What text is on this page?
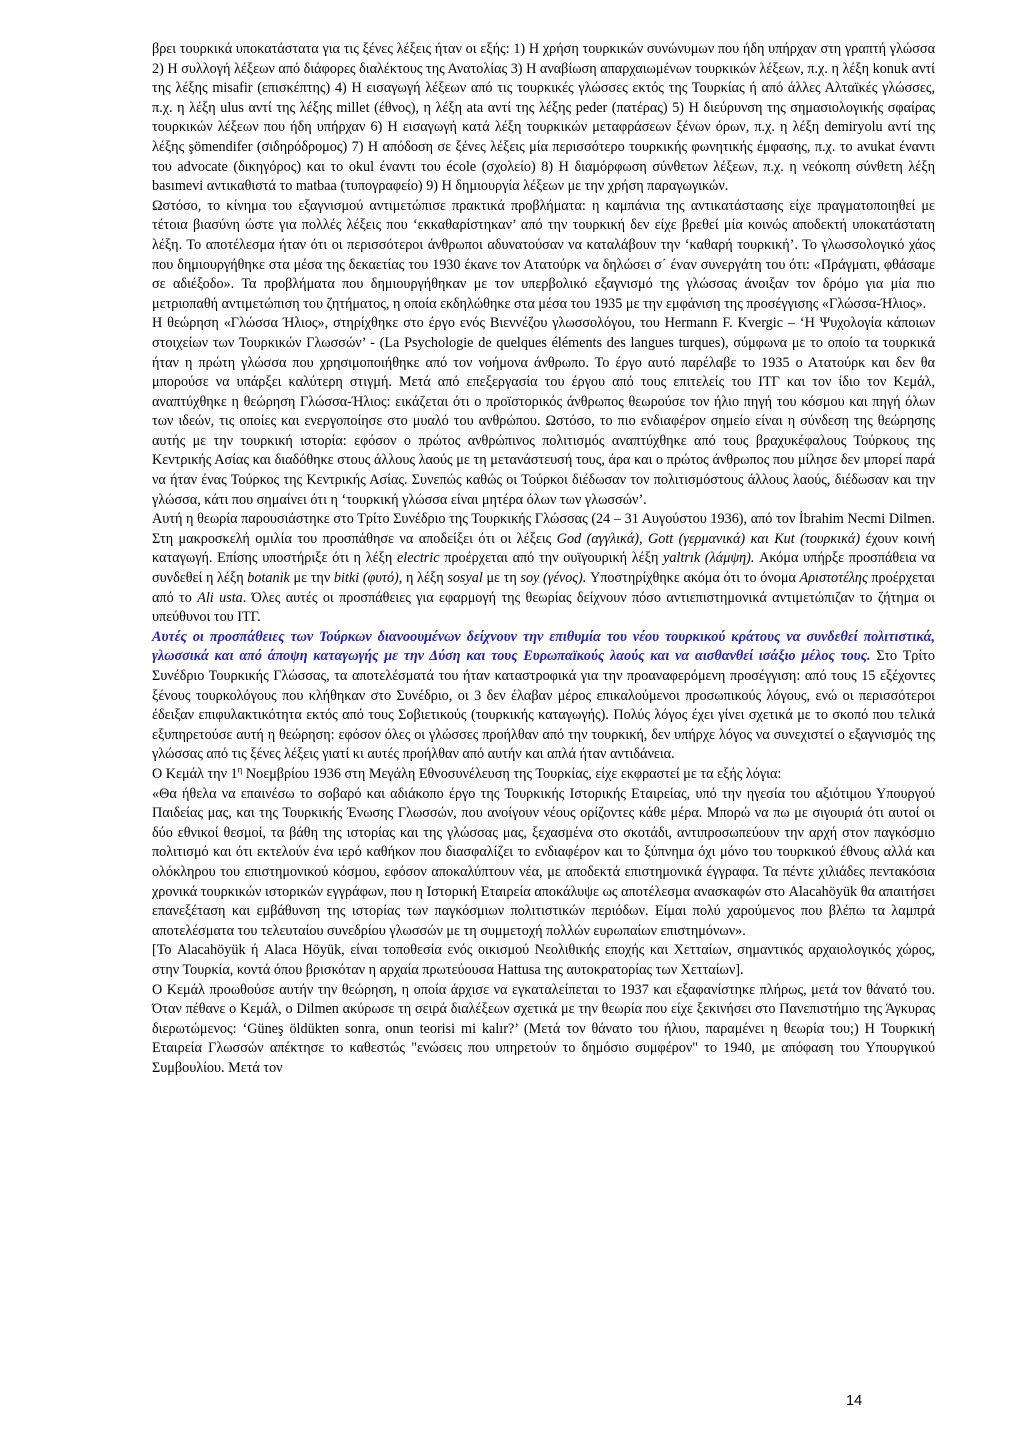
βρει τουρκικά υποκατάστατα για τις ξένες λέξεις ήταν οι εξής: 1) Η χρήση τουρκικών συνώνυμων που ήδη υπήρχαν στη γραπτή γλώσσα 2) Η συλλογή λέξεων από διάφορες διαλέκτους της Ανατολίας 3) Η αναβίωση απαρχαιωμένων τουρκικών λέξεων, π.χ. η λέξη konuk αντί της λέξης misafir (επισκέπτης) 4) Η εισαγωγή λέξεων από τις τουρκικές γλώσσες εκτός της Τουρκίας ή από άλλες Αλταϊκές γλώσσες, π.χ. η λέξη ulus αντί της λέξης millet (έθνος), η λέξη ata αντί της λέξης peder (πατέρας) 5) Η διεύρυνση της σημασιολογικής σφαίρας τουρκικών λέξεων που ήδη υπήρχαν 6) Η εισαγωγή κατά λέξη τουρκικών μεταφράσεων ξένων όρων, π.χ. η λέξη demiryolu αντί της λέξης şömendifer (σιδηρόδρομος) 7) Η απόδοση σε ξένες λέξεις μία περισσότερο τουρκικής φωνητικής έμφασης, π.χ. το avukat έναντι του advocate (δικηγόρος) και το okul έναντι του école (σχολείο) 8) Η διαμόρφωση σύνθετων λέξεων, π.χ. η νεόκοπη σύνθετη λέξη basımevi αντικαθιστά το matbaa (τυπογραφείο) 9) Η δημιουργία λέξεων με την χρήση παραγωγικών.

Ωστόσο, το κίνημα του εξαγνισμού αντιμετώπισε πρακτικά προβλήματα: η καμπάνια της αντικατάστασης είχε πραγματοποιηθεί με τέτοια βιασύνη ώστε για πολλές λέξεις που ‘εκκαθαρίστηκαν’ από την τουρκική δεν είχε βρεθεί μία κοινώς αποδεκτή υποκατάστατη λέξη. Το αποτέλεσμα ήταν ότι οι περισσότεροι άνθρωποι αδυνατούσαν να καταλάβουν την ‘καθαρή τουρκική’. Το γλωσσολογικό χάος που δημιουργήθηκε στα μέσα της δεκαετίας του 1930 έκανε τον Ατατούρκ να δηλώσει σ΄ έναν συνεργάτη του ότι: «Πράγματι, φθάσαμε σε αδιέξοδο». Τα προβλήματα που δημιουργήθηκαν με τον υπερβολικό εξαγνισμό της γλώσσας άνοιξαν τον δρόμο για μία πιο μετριοπαθή αντιμετώπιση του ζητήματος, η οποία εκδηλώθηκε στα μέσα του 1935 με την εμφάνιση της προσέγγισης «Γλώσσα-Ήλιος».

Η θεώρηση «Γλώσσα Ήλιος», στηρίχθηκε στο έργο ενός Βιεννέζου γλωσσολόγου, του Hermann F. Kvergic – ‘Η Ψυχολογία κάποιων στοιχείων των Τουρκικών Γλωσσών’ - (La Psychologie de quelques éléments des langues turques), σύμφωνα με το οποίο τα τουρκικά ήταν η πρώτη γλώσσα που χρησιμοποιήθηκε από τον νοήμονα άνθρωπο. Το έργο αυτό παρέλαβε το 1935 ο Ατατούρκ και δεν θα μπορούσε να υπάρξει καλύτερη στιγμή. Μετά από επεξεργασία του έργου από τους επιτελείς του ΙΤΓ και τον ίδιο τον Κεμάλ, αναπτύχθηκε η θεώρηση Γλώσσα-Ήλιος: εικάζεται ότι ο προϊστορικός άνθρωπος θεωρούσε τον ήλιο πηγή του κόσμου και πηγή όλων των ιδεών, τις οποίες και ενεργοποίησε στο μυαλό του ανθρώπου. Ωστόσο, το πιο ενδιαφέρον σημείο είναι η σύνδεση της θεώρησης αυτής με την τουρκική ιστορία: εφόσον ο πρώτος ανθρώπινος πολιτισμός αναπτύχθηκε από τους βραχυκέφαλους Τούρκους της Κεντρικής Ασίας και διαδόθηκε στους άλλους λαούς με τη μετανάστευσή τους, άρα και ο πρώτος άνθρωπος που μίλησε δεν μπορεί παρά να ήταν ένας Τούρκος της Κεντρικής Ασίας. Συνεπώς καθώς οι Τούρκοι διέδωσαν τον πολιτισμόστους άλλους λαούς, διέδωσαν και την γλώσσα, κάτι που σημαίνει ότι η ‘τουρκική γλώσσα είναι μητέρα όλων των γλωσσών’.

Αυτή η θεωρία παρουσιάστηκε στο Τρίτο Συνέδριο της Τουρκικής Γλώσσας (24 – 31 Αυγούστου 1936), από τον İbrahim Necmi Dilmen. Στη μακροσκελή ομιλία του προσπάθησε να αποδείξει ότι οι λέξεις God (αγγλικά), Gott (γερμανικά) και Kut (τουρκικά) έχουν κοινή καταγωγή. Επίσης υποστήριξε ότι η λέξη electric προέρχεται από την ουϊγουρική λέξη yaltrık (λάμψη). Ακόμα υπήρξε προσπάθεια να συνδεθεί η λέξη botanik με την bitki (φυτό), η λέξη sosyal με τη soy (γένος). Υποστηρίχθηκε ακόμα ότι το όνομα Αριστοτέλης προέρχεται από το Ali usta. Όλες αυτές οι προσπάθειες για εφαρμογή της θεωρίας δείχνουν πόσο αντιεπιστημονικά αντιμετώπιζαν το ζήτημα οι υπεύθυνοι του ΙΤΓ.

Αυτές οι προσπάθειες των Τούρκων διανοουμένων δείχνουν την επιθυμία του νέου τουρκικού κράτους να συνδεθεί πολιτιστικά, γλωσσικά και από άποψη καταγωγής με την Δύση και τους Ευρωπαϊκούς λαούς και να αισθανθεί ισάξιο μέλος τους. Στο Τρίτο Συνέδριο Τουρκικής Γλώσσας, τα αποτελέσματά του ήταν καταστροφικά για την προαναφερόμενη προσέγγιση: από τους 15 εξέχοντες ξένους τουρκολόγους που κλήθηκαν στο Συνέδριο, οι 3 δεν έλαβαν μέρος επικαλούμενοι προσωπικούς λόγους, ενώ οι περισσότεροι έδειξαν επιφυλακτικότητα εκτός από τους Σοβιετικούς (τουρκικής καταγωγής). Πολύς λόγος έχει γίνει σχετικά με το σκοπό που τελικά εξυπηρετούσε αυτή η θεώρηση: εφόσον όλες οι γλώσσες προήλθαν από την τουρκική, δεν υπήρχε λόγος να συνεχιστεί ο εξαγνισμός της γλώσσας από τις ξένες λέξεις γιατί κι αυτές προήλθαν από αυτήν και απλά ήταν αντιδάνεια.

Ο Κεμάλ την $1^\eta$ Νοεμβρίου 1936 στη Μεγάλη Εθνοσυνέλευση της Τουρκίας, είχε εκφραστεί με τα εξής λόγια:

«Θα ήθελα να επαινέσω το σοβαρό και αδιάκοπο έργο της Τουρκικής Ιστορικής Εταιρείας, υπό την ηγεσία του αξιότιμου Υπουργού Παιδείας μας, και της Τουρκικής Ένωσης Γλωσσών, που ανοίγουν νέους ορίζοντες κάθε μέρα. Μπορώ να πω με σιγουριά ότι αυτοί οι δύο εθνικοί θεσμοί, τα βάθη της ιστορίας και της γλώσσας μας, ξεχασμένα στο σκοτάδι, αντιπροσωπεύουν την αρχή στον παγκόσμιο πολιτισμό και ότι εκτελούν ένα ιερό καθήκον που διασφαλίζει το ενδιαφέρον και το ξύπνημα όχι μόνο του τουρκικού έθνους αλλά και ολόκληρου του επιστημονικού κόσμου, εφόσον αποκαλύπτουν νέα, με αποδεκτά επιστημονικά έγγραφα. Τα πέντε χιλιάδες πεντακόσια χρονικά τουρκικών ιστορικών εγγράφων, που η Ιστορική Εταιρεία αποκάλυψε ως αποτέλεσμα ανασκαφών στο Alacahöyük θα απαιτήσει επανεξέταση και εμβάθυνση της ιστορίας των παγκόσμιων πολιτιστικών περιόδων. Είμαι πολύ χαρούμενος που βλέπω τα λαμπρά αποτελέσματα του τελευταίου συνεδρίου γλωσσών με τη συμμετοχή πολλών ευρωπαίων επιστημόνων».

[Το Alacahöyük ή Alaca Höyük, είναι τοποθεσία ενός οικισμού Νεολιθικής εποχής και Χετταίων, σημαντικός αρχαιολογικός χώρος, στην Τουρκία, κοντά όπου βρισκόταν η αρχαία πρωτεύουσα Hattusa της αυτοκρατορίας των Χετταίων].

Ο Κεμάλ προωθούσε αυτήν την θεώρηση, η οποία άρχισε να εγκαταλείπεται το 1937 και εξαφανίστηκε πλήρως, μετά τον θάνατό του. Όταν πέθανε ο Κεμάλ, ο Dilmen ακύρωσε τη σειρά διαλέξεων σχετικά με την θεωρία που είχε ξεκινήσει στο Πανεπιστήμιο της Άγκυρας διερωτώμενος: ‘Güneş öldükten sonra, onun teorisi mi kalır?’ (Μετά τον θάνατο του ήλιου, παραμένει η θεωρία του;) Η Τουρκική Εταιρεία Γλωσσών απέκτησε το καθεστώς "ενώσεις που υπηρετούν το δημόσιο συμφέρον" το 1940, με απόφαση του Υπουργικού Συμβουλίου. Μετά τον

14
